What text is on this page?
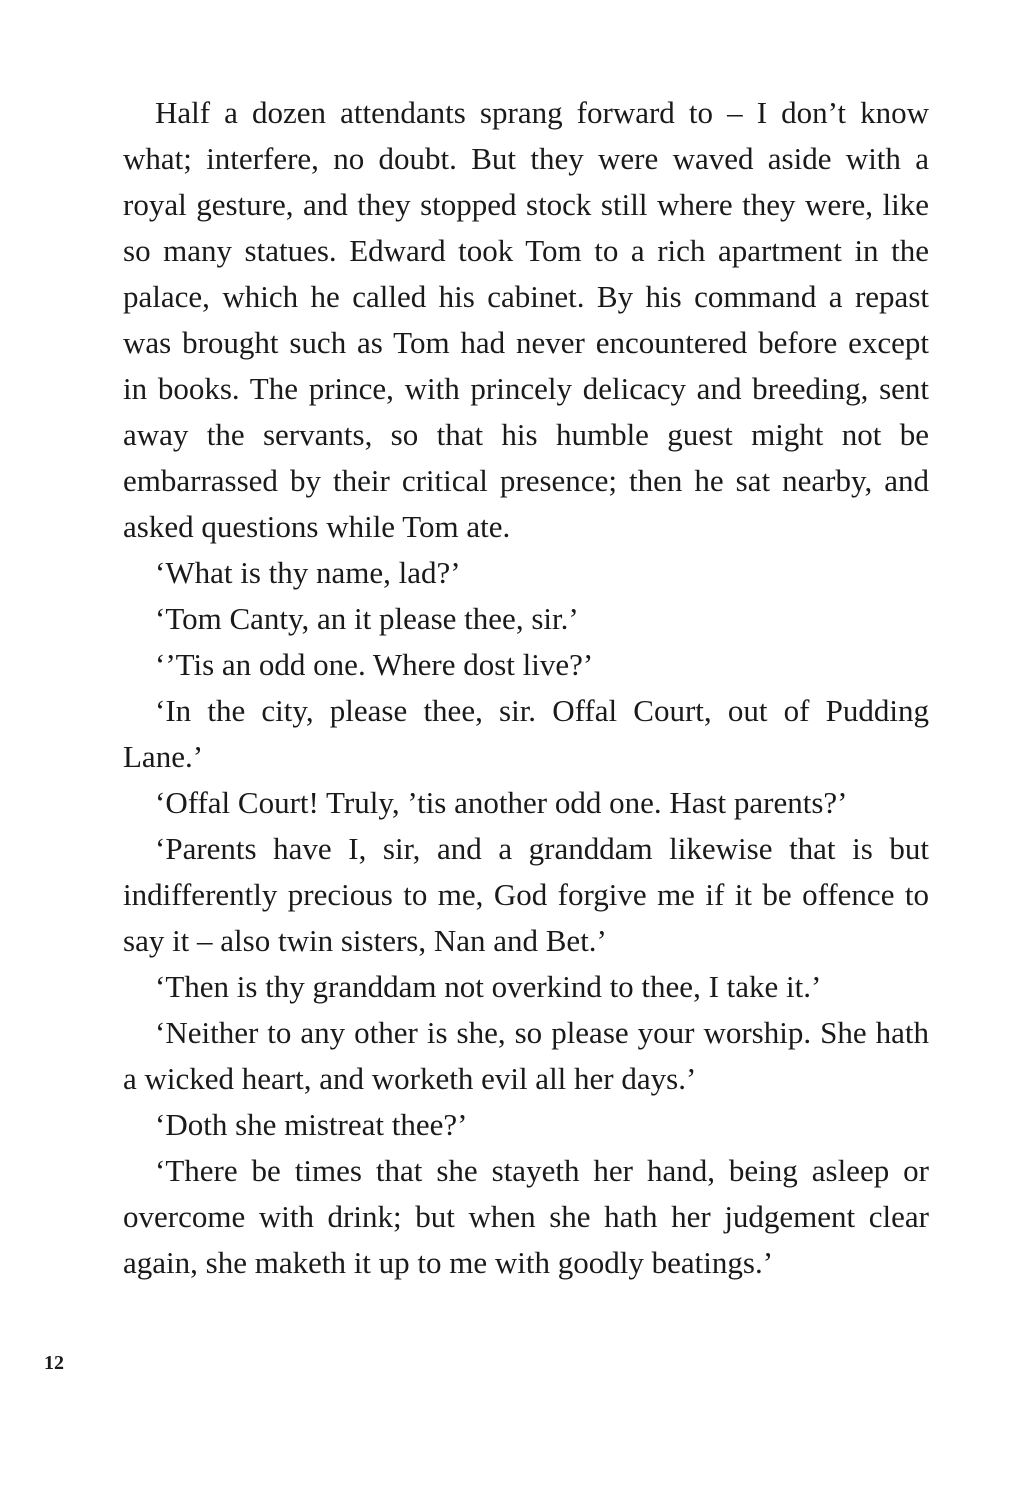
Half a dozen attendants sprang forward to – I don’t know what; interfere, no doubt. But they were waved aside with a royal gesture, and they stopped stock still where they were, like so many statues. Edward took Tom to a rich apartment in the palace, which he called his cabinet. By his command a repast was brought such as Tom had never encountered before except in books. The prince, with princely delicacy and breeding, sent away the servants, so that his humble guest might not be embarrassed by their critical presence; then he sat nearby, and asked questions while Tom ate.

‘What is thy name, lad?’

‘Tom Canty, an it please thee, sir.’

‘’Tis an odd one. Where dost live?’

‘In the city, please thee, sir. Offal Court, out of Pudding Lane.’

‘Offal Court! Truly, ’tis another odd one. Hast parents?’

‘Parents have I, sir, and a granddam likewise that is but indifferently precious to me, God forgive me if it be offence to say it – also twin sisters, Nan and Bet.’

‘Then is thy granddam not overkind to thee, I take it.’

‘Neither to any other is she, so please your worship. She hath a wicked heart, and worketh evil all her days.’

‘Doth she mistreat thee?’

‘There be times that she stayeth her hand, being asleep or overcome with drink; but when she hath her judgement clear again, she maketh it up to me with goodly beatings.’

12
